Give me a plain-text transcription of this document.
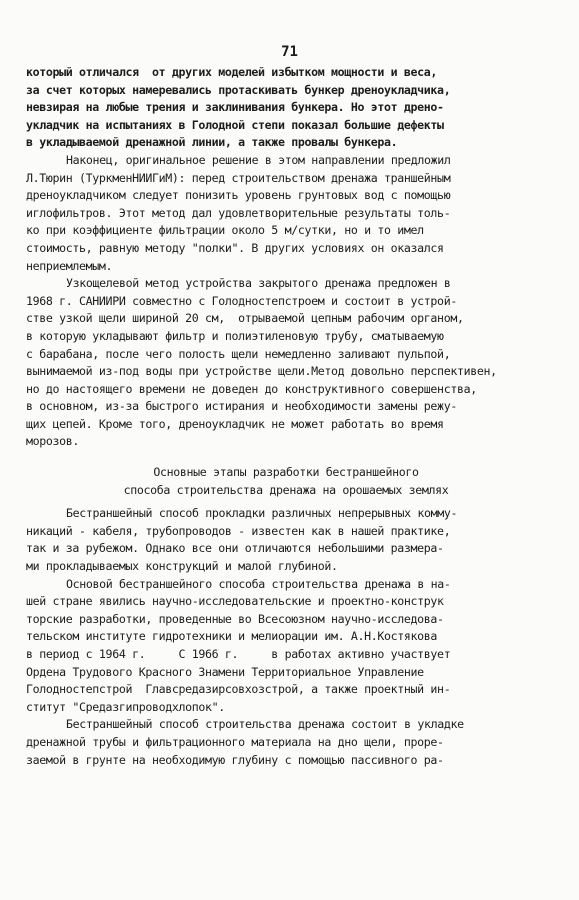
71
который отличался  от других моделей избытком мощности и веса,
за счет которых намеревались протаскивать бункер дреноукладчика,
невзирая на любые трения и заклинивания бункера. Но этот дрено-
укладчик на испытаниях в Голодной степи показал большие дефекты
в укладываемой дренажной линии, а также провалы бункера.
Наконец, оригинальное решение в этом направлении предложил
Л.Тюрин (ТуркменНИИГиМ): перед строительством дренажа траншейным
дреноукладчиком следует понизить уровень грунтовых вод с помощью
иглофильтров. Этот метод дал удовлетворительные результаты толь-
ко при коэффициенте фильтрации около 5 м/сутки, но и то имел
стоимость, равную методу "полки". В других условиях он оказался
неприемлемым.
Узкощелевой метод устройства закрытого дренажа предложен в
1968 г. САНИИРИ совместно с Голодностепстроем и состоит в устрой-
стве узкой щели шириной 20 см,  отрываемой цепным рабочим органом,
в которую укладывают фильтр и полиэтиленовую трубу, сматываемую
с барабана, после чего полость щели немедленно заливают пульпой,
вынимаемой из-под воды при устройстве щели.Метод довольно перспективен,
но до настоящего времени не доведен до конструктивного совершенства,
в основном, из-за быстрого истирания и необходимости замены режу-
щих цепей. Кроме того, дреноукладчик не может работать во время
морозов.
Основные этапы разработки бестраншейного
способа строительства дренажа на орошаемых землях
Бестраншейный способ прокладки различных непрерывных комму-
никаций - кабеля, трубопроводов - известен как в нашей практике,
так и за рубежом. Однако все они отличаются небольшими размера-
ми прокладываемых конструкций и малой глубиной.
Основой бестраншейного способа строительства дренажа в на-
шей стране явились научно-исследовательские и проектно-конструк
торские разработки, проведенные во Всесоюзном научно-исследова-
тельском институте гидротехники и мелиорации им. А.Н.Костякова
в период с 1964 г.     С 1966 г.     в работах активно участвует
Ордена Трудового Красного Знамени Территориальное Управление
Голодностепстрой  Главсредазирсовхозстрой, а также проектный ин-
ститут "Средазгипроводхлопок".
Бестраншейный способ строительства дренажа состоит в укладке
дренажной трубы и фильтрационного материала на дно щели, проре-
заемой в грунте на необходимую глубину с помощью пассивного ра-
